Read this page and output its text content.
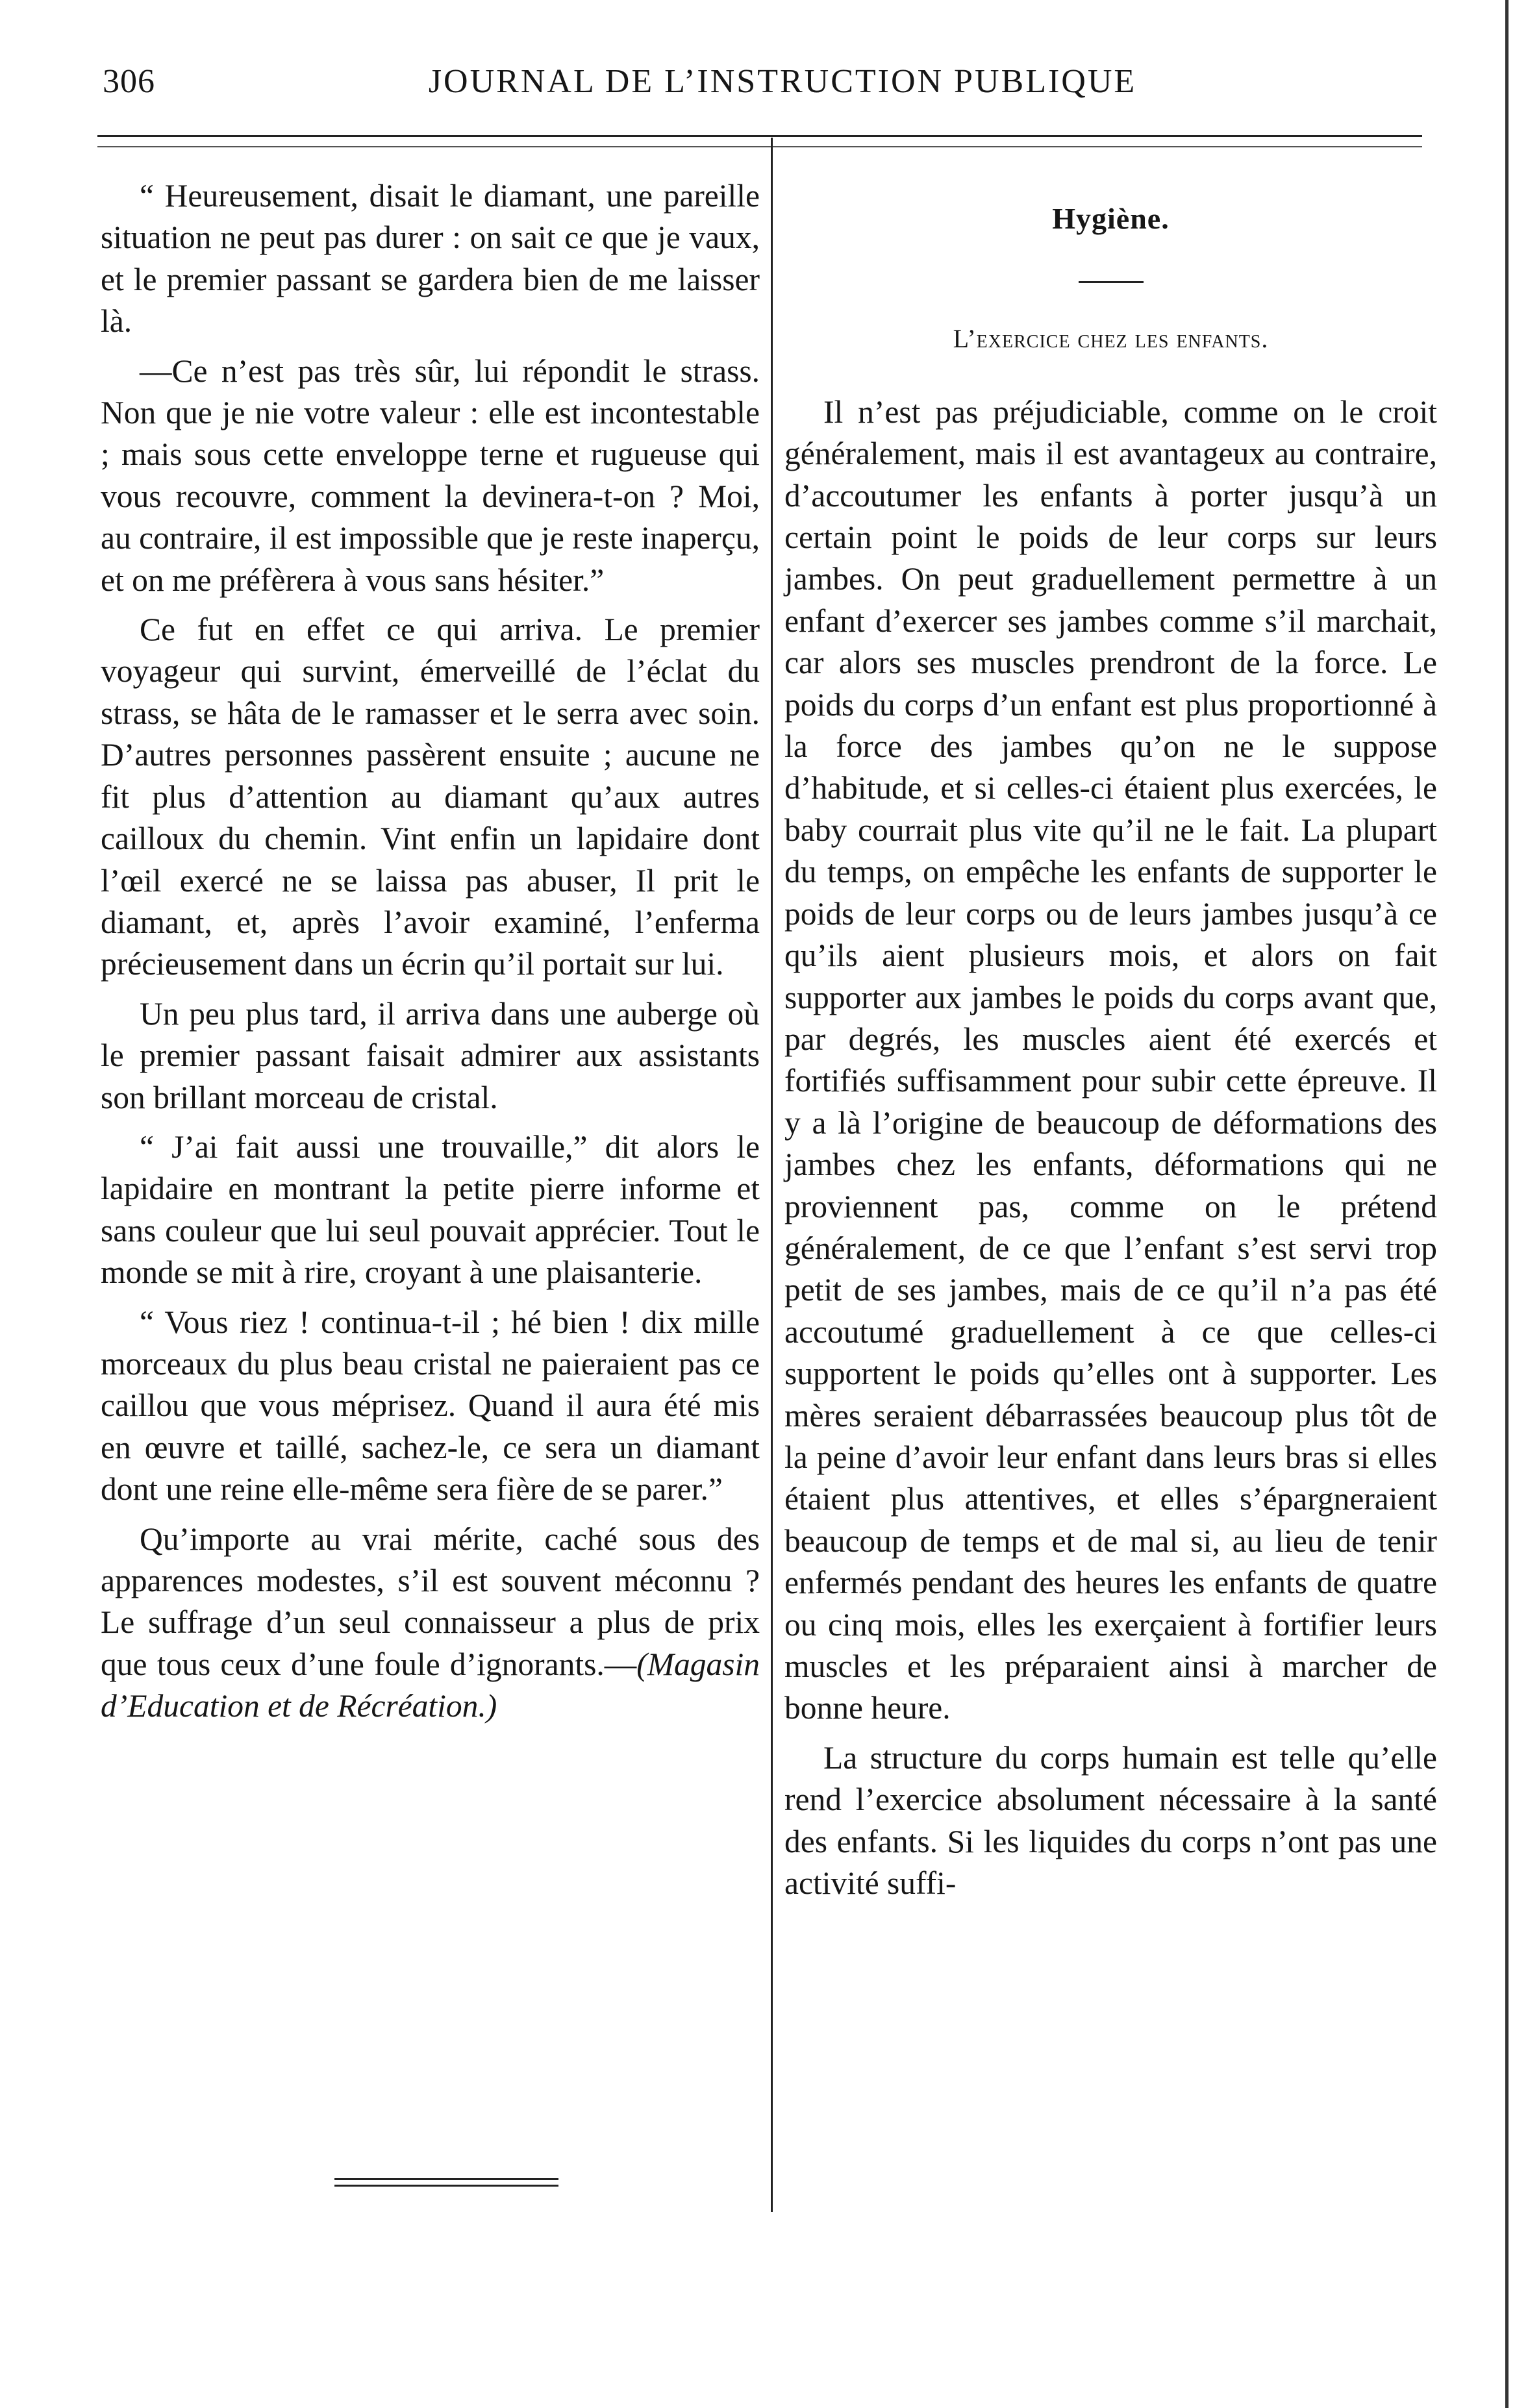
306	JOURNAL DE L’INSTRUCTION PUBLIQUE

“ Heureusement, disait le diamant, une pareille situation ne peut pas durer : on sait ce que je vaux, et le premier passant se gardera bien de me laisser là.

—Ce n’est pas très sûr, lui répondit le strass. Non que je nie votre valeur : elle est incontestable ; mais sous cette enveloppe terne et rugueuse qui vous recouvre, comment la devinera-t-on ? Moi, au contraire, il est impossible que je reste inaperçu, et on me préfèrera à vous sans hésiter.”

Ce fut en effet ce qui arriva. Le premier voyageur qui survint, émerveillé de l’éclat du strass, se hâta de le ramasser et le serra avec soin. D’autres personnes passèrent ensuite ; aucune ne fit plus d’attention au diamant qu’aux autres cailloux du chemin. Vint enfin un lapidaire dont l’œil exercé ne se laissa pas abuser, Il prit le diamant, et, après l’avoir examiné, l’enferma précieusement dans un écrin qu’il portait sur lui.

Un peu plus tard, il arriva dans une auberge où le premier passant faisait admirer aux assistants son brillant morceau de cristal.

“ J’ai fait aussi une trouvaille,” dit alors le lapidaire en montrant la petite pierre informe et sans couleur que lui seul pouvait apprécier. Tout le monde se mit à rire, croyant à une plaisanterie.

“ Vous riez ! continua-t-il ; hé bien ! dix mille morceaux du plus beau cristal ne paieraient pas ce caillou que vous méprisez. Quand il aura été mis en œuvre et taillé, sachez-le, ce sera un diamant dont une reine elle-même sera fière de se parer.”

Qu’importe au vrai mérite, caché sous des apparences modestes, s’il est souvent méconnu ? Le suffrage d’un seul connaisseur a plus de prix que tous ceux d’une foule d’ignorants.—(Magasin d’Education et de Récréation.)

Hygiène.
L’exercice chez les enfants.

Il n’est pas préjudiciable, comme on le croit généralement, mais il est avantageux au contraire, d’accoutumer les enfants à porter jusqu’à un certain point le poids de leur corps sur leurs jambes. On peut graduellement permettre à un enfant d’exercer ses jambes comme s’il marchait, car alors ses muscles prendront de la force. Le poids du corps d’un enfant est plus proportionné à la force des jambes qu’on ne le suppose d’habitude, et si celles-ci étaient plus exercées, le baby courrait plus vite qu’il ne le fait. La plupart du temps, on empêche les enfants de supporter le poids de leur corps ou de leurs jambes jusqu’à ce qu’ils aient plusieurs mois, et alors on fait supporter aux jambes le poids du corps avant que, par degrés, les muscles aient été exercés et fortifiés suffisamment pour subir cette épreuve. Il y a là l’origine de beaucoup de déformations des jambes chez les enfants, déformations qui ne proviennent pas, comme on le prétend généralement, de ce que l’enfant s’est servi trop petit de ses jambes, mais de ce qu’il n’a pas été accoutumé graduellement à ce que celles-ci supportent le poids qu’elles ont à supporter. Les mères seraient débarrassées beaucoup plus tôt de la peine d’avoir leur enfant dans leurs bras si elles étaient plus attentives, et elles s’épargneraient beaucoup de temps et de mal si, au lieu de tenir enfermés pendant des heures les enfants de quatre ou cinq mois, elles les exerçaient à fortifier leurs muscles et les préparaient ainsi à marcher de bonne heure.

La structure du corps humain est telle qu’elle rend l’exercice absolument nécessaire à la santé des enfants. Si les liquides du corps n’ont pas une activité suffi-
